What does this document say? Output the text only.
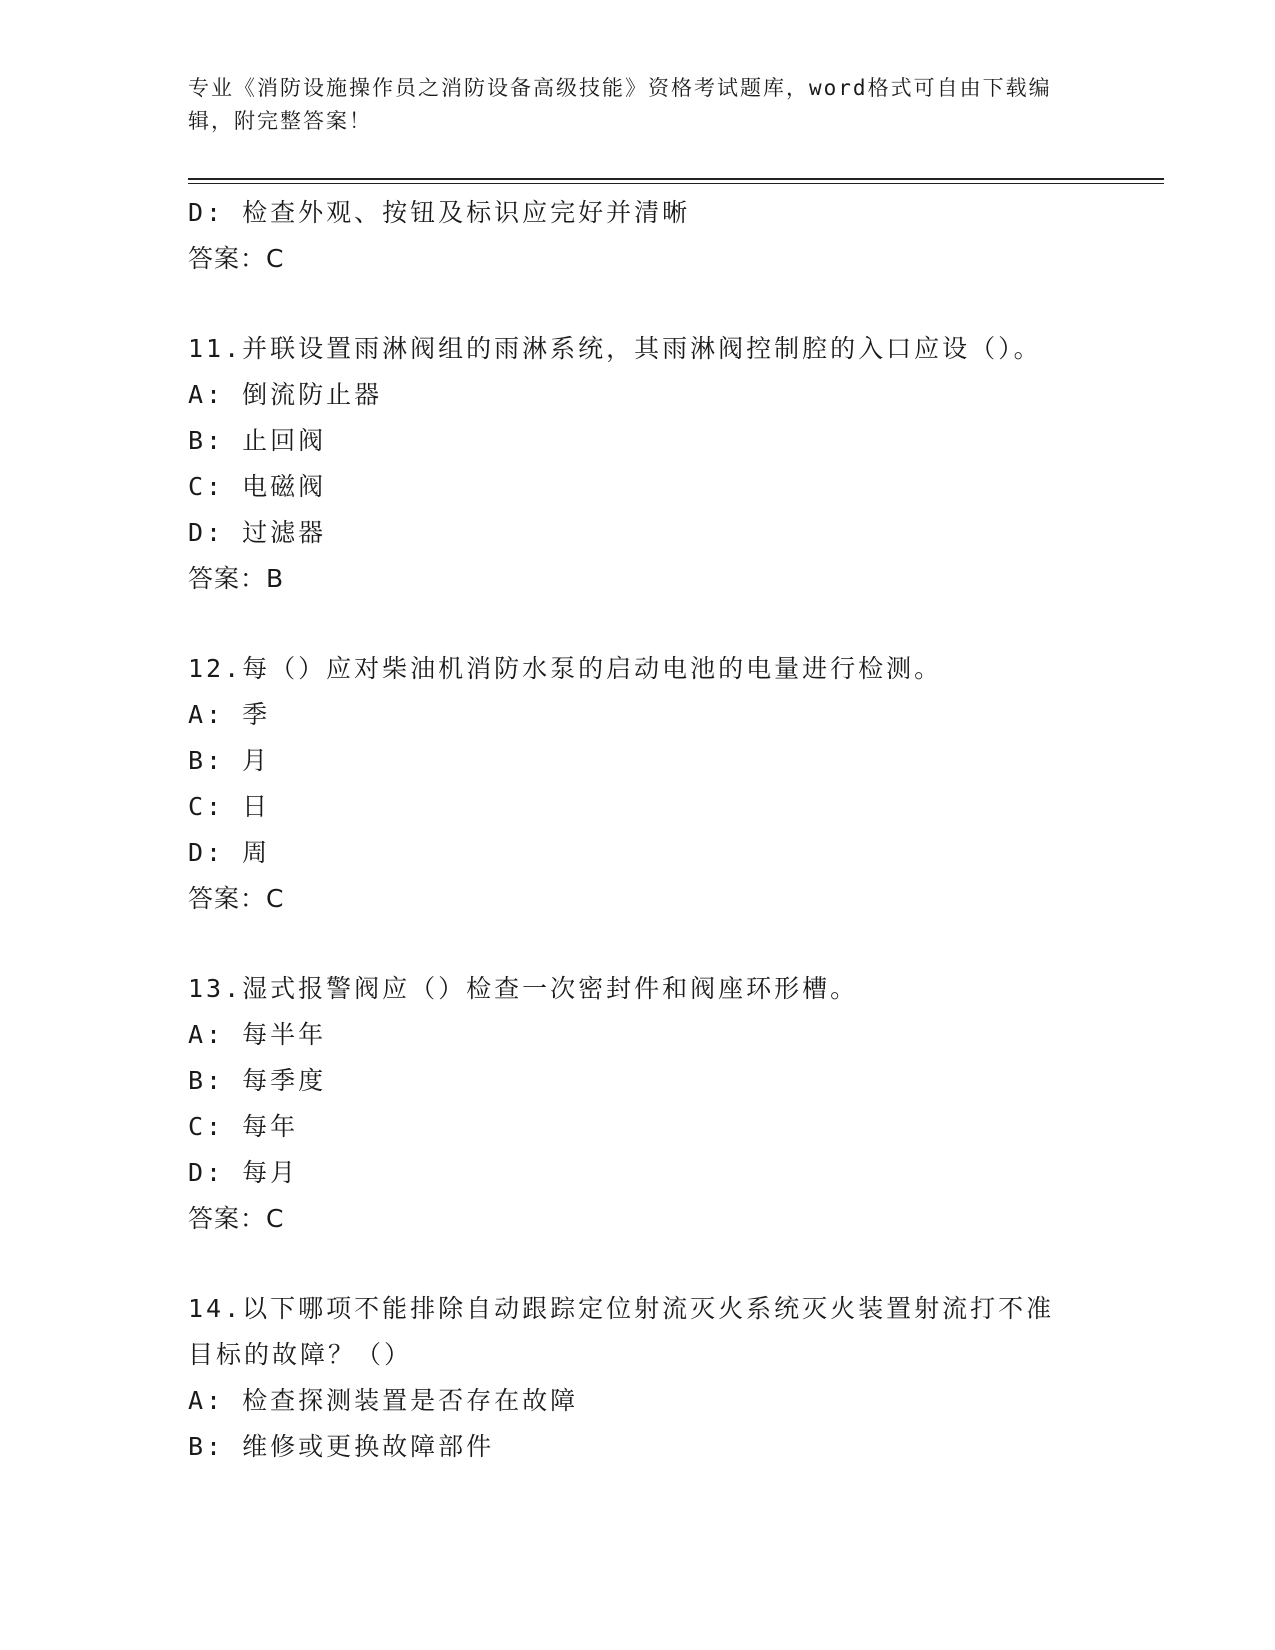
专业《消防设施操作员之消防设备高级技能》资格考试题库，word格式可自由下载编辑，附完整答案！
D: 检查外观、按钮及标识应完好并清晰
答案：C
11.并联设置雨淋阀组的雨淋系统，其雨淋阀控制腔的入口应设（）。
A: 倒流防止器
B: 止回阀
C: 电磁阀
D: 过滤器
答案：B
12.每（）应对柴油机消防水泵的启动电池的电量进行检测。
A: 季
B: 月
C: 日
D: 周
答案：C
13.湿式报警阀应（）检查一次密封件和阀座环形槽。
A: 每半年
B: 每季度
C: 每年
D: 每月
答案：C
14.以下哪项不能排除自动跟踪定位射流灭火系统灭火装置射流打不准
目标的故障？（）
A: 检查探测装置是否存在故障
B: 维修或更换故障部件
